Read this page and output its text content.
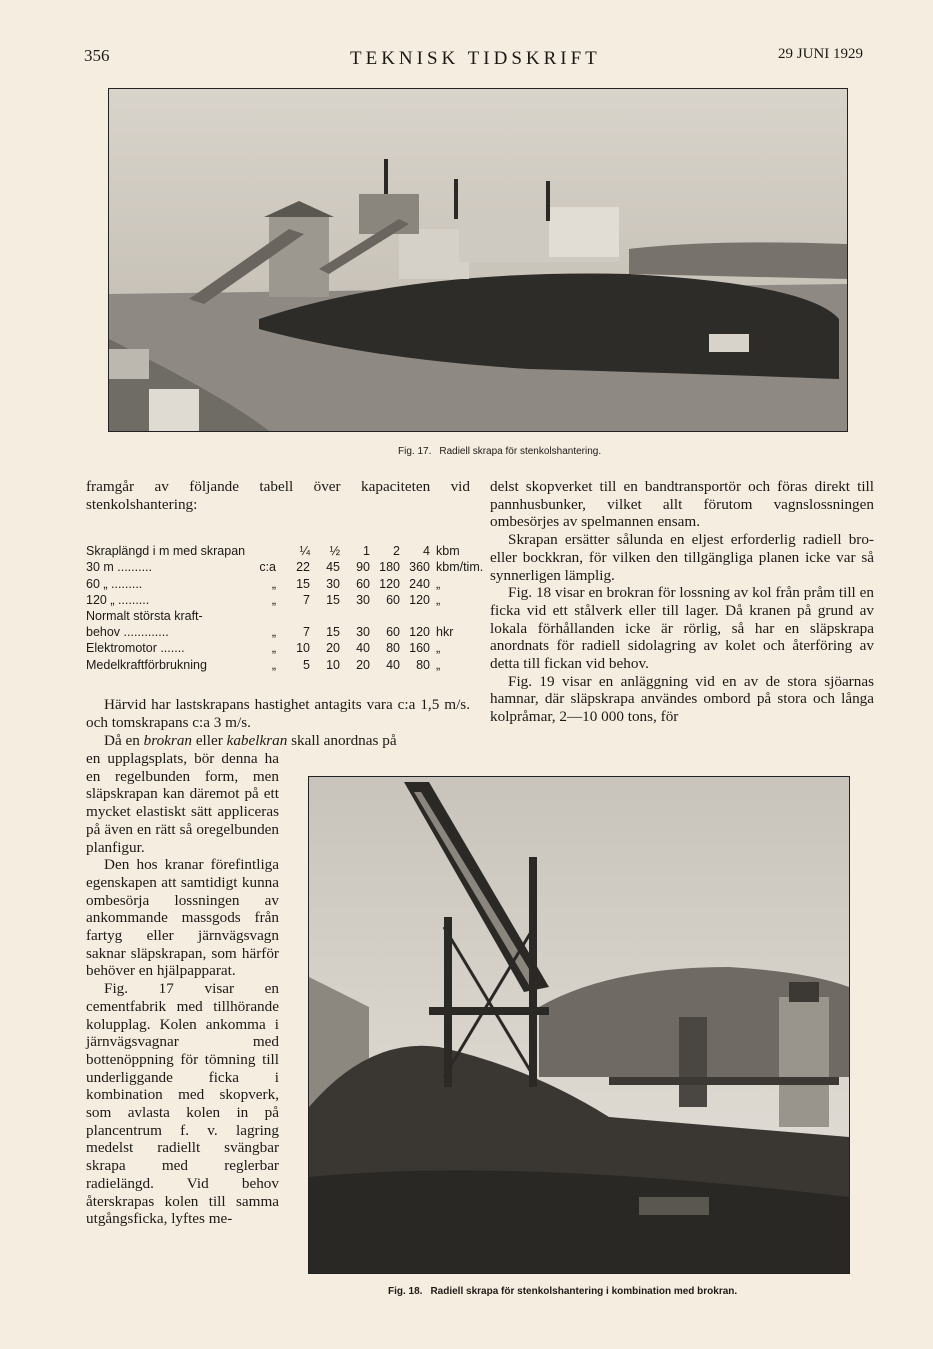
356	TEKNISK TIDSKRIFT	29 JUNI 1929
Fig. 17. Radiell skrapa för stenkolshantering.

framgår av följande tabell över kapaciteten vid stenkolshantering:

Skraplängd i m med skrapan		¼	½	1	2	4	kbm
30 m ..........	c:a	22	45	90	180	360	kbm/tim.
60 „ .........	„	15	30	60	120	240	„
120 „ .........	„	7	15	30	60	120	„
Normalt största kraft-							
behov .............	„	7	15	30	60	120	hkr
Elektromotor .......	„	10	20	40	80	160	„
Medelkraftförbrukning	„	5	10	20	40	80	„

Härvid har lastskrapans hastighet antagits vara c:a 1,5 m/s. och tomskrapans c:a 3 m/s.

Då en brokran eller kabelkran skall anordnas på

en upplagsplats, bör denna ha en regelbunden form, men släpskrapan kan däremot på ett mycket elastiskt sätt appliceras på även en rätt så oregelbunden planfigur.

Den hos kranar förefintliga egenskapen att samtidigt kunna ombesörja lossningen av ankommande massgods från fartyg eller järnvägsvagn saknar släpskrapan, som härför behöver en hjälpapparat.

Fig. 17 visar en cementfabrik med tillhörande kolupplag. Kolen ankomma i järnvägsvagnar med bottenöppning för tömning till underliggande ficka i kombination med skopverk, som avlasta kolen in på plancentrum f. v. lagring medelst radiellt svängbar skrapa med reglerbar radielängd. Vid behov återskrapas kolen till samma utgångsficka, lyftes me-

delst skopverket till en bandtransportör och föras direkt till pannhusbunker, vilket allt förutom vagnslossningen ombesörjes av spelmannen ensam.

Skrapan ersätter sålunda en eljest erforderlig radiell bro- eller bockkran, för vilken den tillgängliga planen icke var så synnerligen lämplig.

Fig. 18 visar en brokran för lossning av kol från pråm till en ficka vid ett stålverk eller till lager. Då kranen på grund av lokala förhållanden icke är rörlig, så har en släpskrapa anordnats för radiell sidolagring av kolet och återföring av detta till fickan vid behov.

Fig. 19 visar en anläggning vid en av de stora sjöarnas hamnar, där släpskrapa användes ombord på stora och långa kolpråmar, 2—10 000 tons, för

Fig. 18. Radiell skrapa för stenkolshantering i kombination med brokran.
